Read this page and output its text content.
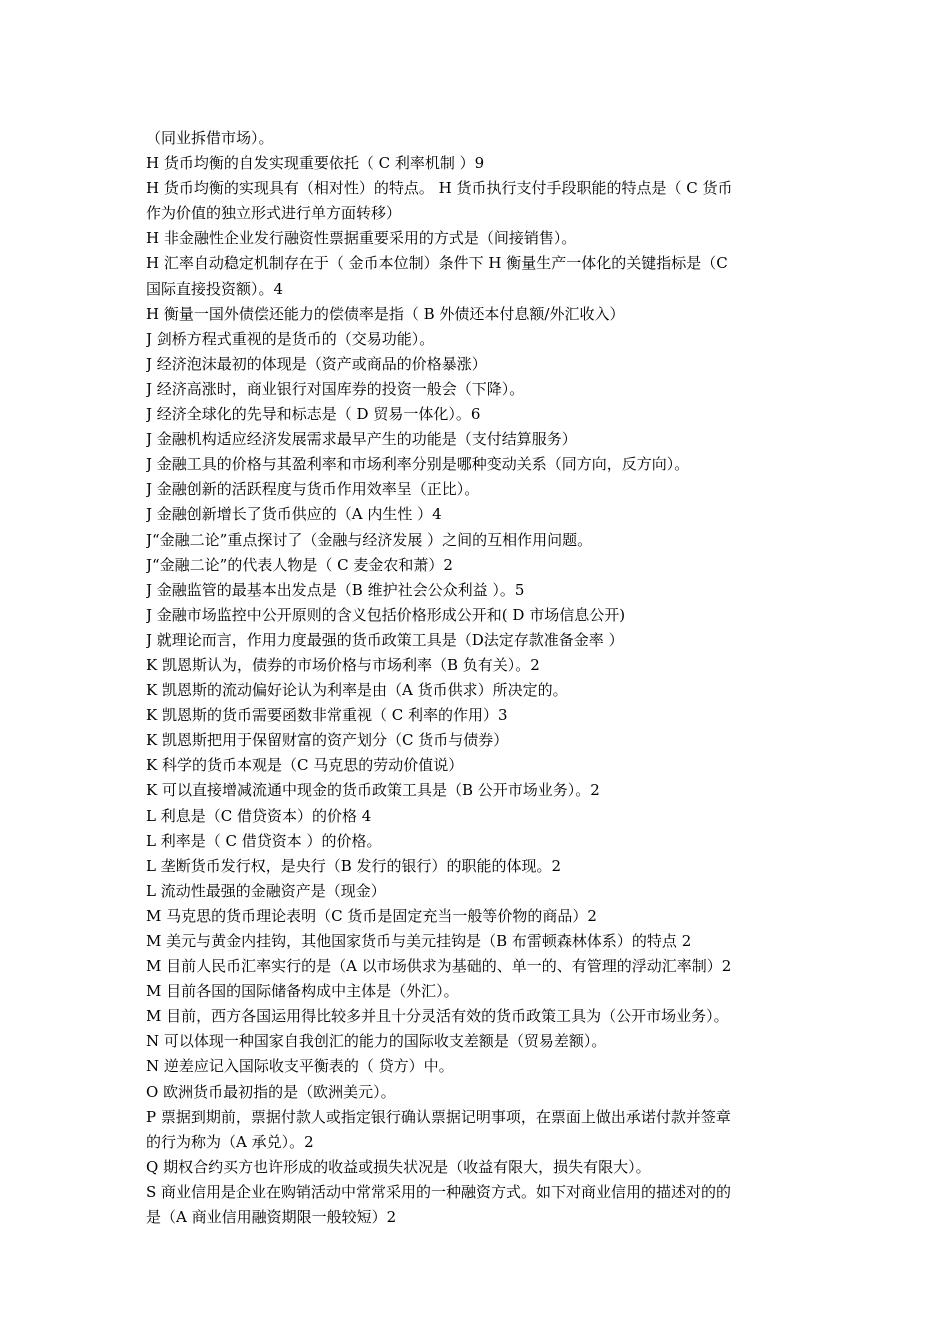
（同业拆借市场）。
H 货币均衡的自发实现重要依托（ C 利率机制 ）9
H 货币均衡的实现具有（相对性）的特点。 H 货币执行支付手段职能的特点是（ C 货币
作为价值的独立形式进行单方面转移）
H 非金融性企业发行融资性票据重要采用的方式是（间接销售）。
H 汇率自动稳定机制存在于（ 金币本位制）条件下 H 衡量生产一体化的关键指标是（C
国际直接投资额）。4
H 衡量一国外债偿还能力的偿债率是指（ B 外债还本付息额/外汇收入）
J 剑桥方程式重视的是货币的（交易功能）。
J 经济泡沫最初的体现是（资产或商品的价格暴涨）
J 经济高涨时，商业银行对国库券的投资一般会（下降）。
J 经济全球化的先导和标志是（ D 贸易一体化）。6
J 金融机构适应经济发展需求最早产生的功能是（支付结算服务）
J 金融工具的价格与其盈利率和市场利率分别是哪种变动关系（同方向，反方向）。
J 金融创新的活跃程度与货币作用效率呈（正比）。
J 金融创新增长了货币供应的（A 内生性 ）4
J“金融二论”重点探讨了（金融与经济发展 ）之间的互相作用问题。
J“金融二论”的代表人物是（ C 麦金农和萧）2
J 金融监管的最基本出发点是（B 维护社会公众利益 ）。5
J 金融市场监控中公开原则的含义包括价格形成公开和( D 市场信息公开)
J 就理论而言，作用力度最强的货币政策工具是（D法定存款准备金率 ）
K 凯恩斯认为，债券的市场价格与市场利率（B 负有关）。2
K 凯恩斯的流动偏好论认为利率是由（A 货币供求）所决定的。
K 凯恩斯的货币需要函数非常重视（ C 利率的作用）3
K 凯恩斯把用于保留财富的资产划分（C 货币与债券）
K 科学的货币本观是（C 马克思的劳动价值说）
K 可以直接增减流通中现金的货币政策工具是（B 公开市场业务）。2
L 利息是（C 借贷资本）的价格 4
L 利率是（ C 借贷资本 ）的价格。
L 垄断货币发行权，是央行（B 发行的银行）的职能的体现。2
L 流动性最强的金融资产是（现金）
M 马克思的货币理论表明（C 货币是固定充当一般等价物的商品）2
M 美元与黄金内挂钩，其他国家货币与美元挂钩是（B 布雷顿森林体系）的特点 2
M 目前人民币汇率实行的是（A 以市场供求为基础的、单一的、有管理的浮动汇率制）2
M 目前各国的国际储备构成中主体是（外汇）。
M 目前，西方各国运用得比较多并且十分灵活有效的货币政策工具为（公开市场业务）。
N 可以体现一种国家自我创汇的能力的国际收支差额是（贸易差额）。
N 逆差应记入国际收支平衡表的（ 贷方）中。
O 欧洲货币最初指的是（欧洲美元）。
P 票据到期前，票据付款人或指定银行确认票据记明事项，在票面上做出承诺付款并签章
的行为称为（A 承兑）。2
Q 期权合约买方也许形成的收益或损失状况是（收益有限大，损失有限大）。
S 商业信用是企业在购销活动中常常采用的一种融资方式。如下对商业信用的描述对的的
是（A 商业信用融资期限一般较短）2
